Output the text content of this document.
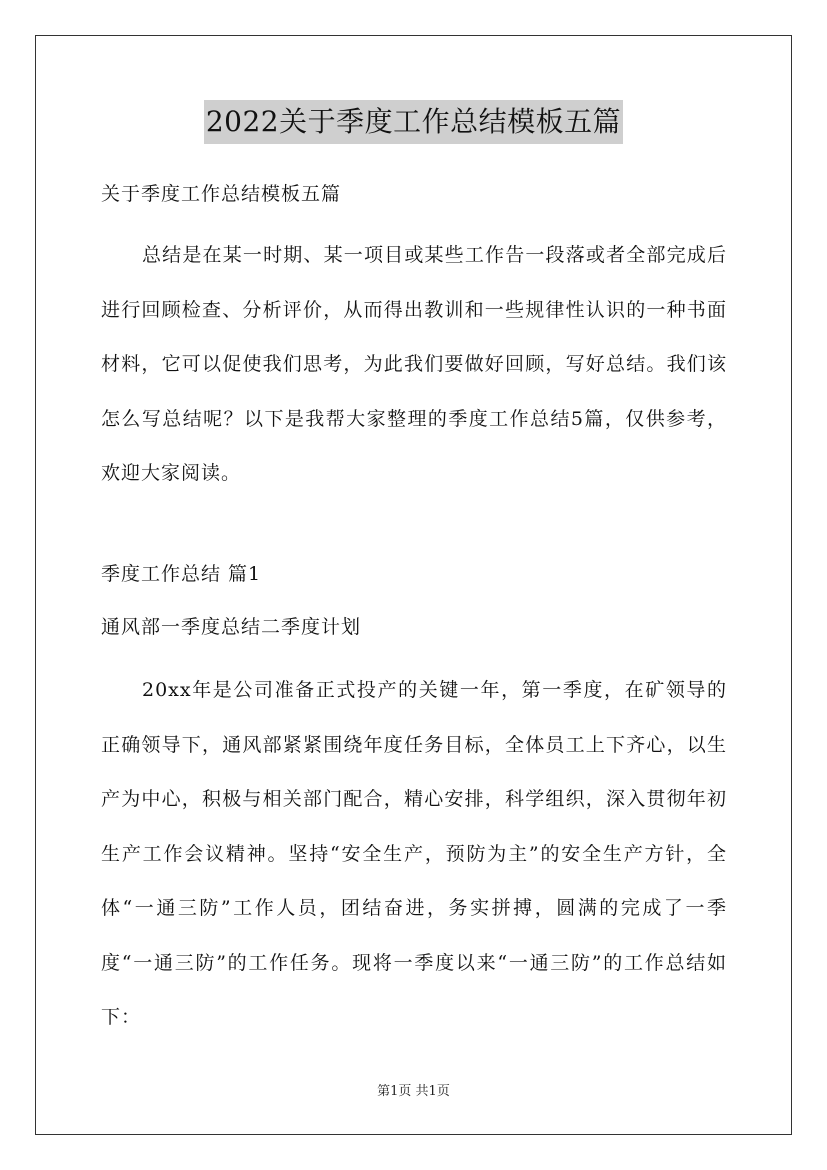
2022关于季度工作总结模板五篇
关于季度工作总结模板五篇
总结是在某一时期、某一项目或某些工作告一段落或者全部完成后进行回顾检查、分析评价，从而得出教训和一些规律性认识的一种书面材料，它可以促使我们思考，为此我们要做好回顾，写好总结。我们该怎么写总结呢？以下是我帮大家整理的季度工作总结5篇，仅供参考，欢迎大家阅读。
季度工作总结 篇1
通风部一季度总结二季度计划
20xx年是公司准备正式投产的关键一年，第一季度，在矿领导的正确领导下，通风部紧紧围绕年度任务目标，全体员工上下齐心，以生产为中心，积极与相关部门配合，精心安排，科学组织，深入贯彻年初生产工作会议精神。坚持“安全生产，预防为主”的安全生产方针，全体“一通三防”工作人员，团结奋进，务实拼搏，圆满的完成了一季度“一通三防”的工作任务。现将一季度以来“一通三防”的工作总结如下：
第1页 共1页
